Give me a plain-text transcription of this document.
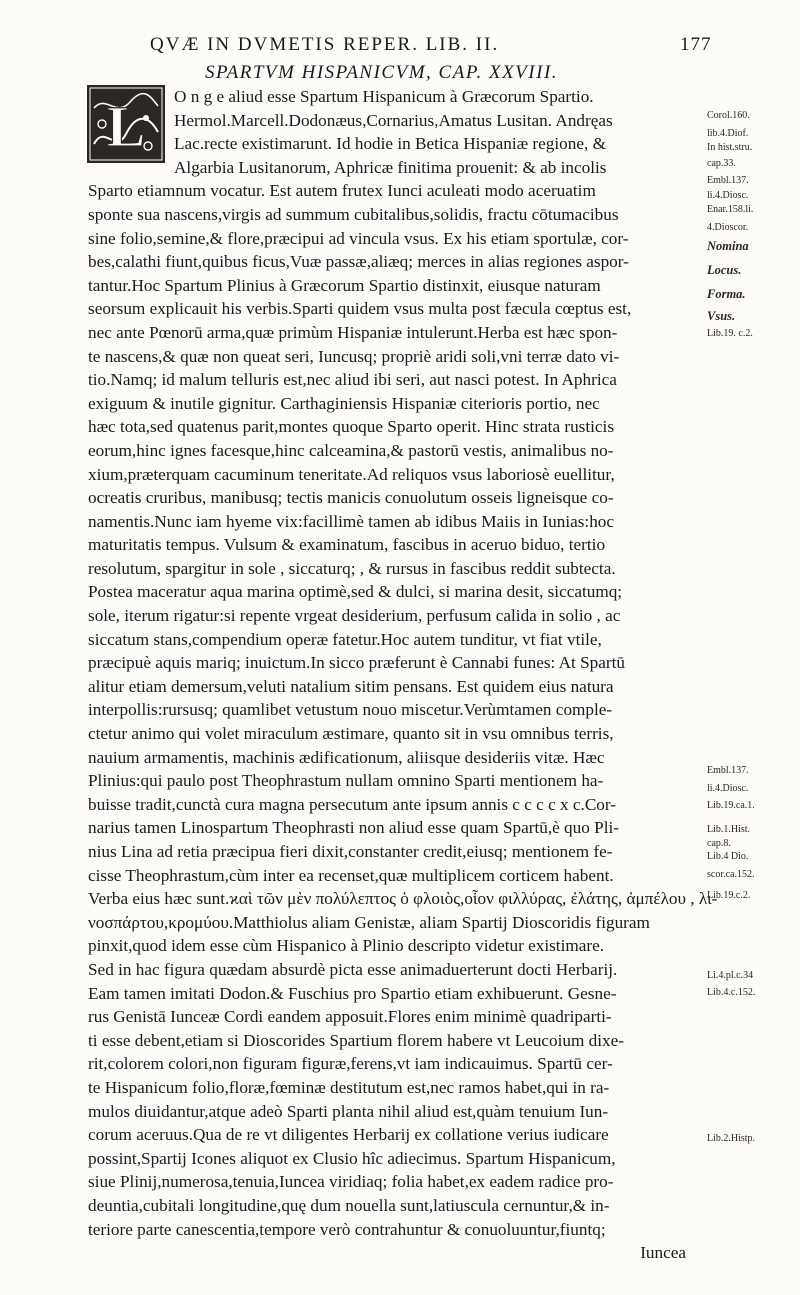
QVÆ IN DVMETIS REPER. LIB. II.	177
SPARTVM HISPANICVM, CAP. XXVIII.
L	O n g e aliud esse Spartum Hispanicum à Græcorum Spartio.
Hermol.Marcell.Dodonæus,Cornarius,Amatus Lusitan. Andręas
Lac.recte existimarunt. Id hodie in Betica Hispaniæ regione, &
Algarbia Lusitanorum, Aphricæ finitima prouenit: & ab incolis
Sparto etiamnum vocatur. Est autem frutex Iunci aculeati modo aceruatim
sponte sua nascens,virgis ad summum cubitalibus,solidis, fractu cōtumacibus
sine folio,semine,& flore,præcipui ad vincula vsus. Ex his etiam sportulæ, cor-
bes,calathi fiunt,quibus ficus,Vuæ passæ,aliæq; merces in alias regiones aspor-
tantur.Hoc Spartum Plinius à Græcorum Spartio distinxit, eiusque naturam
seorsum explicauit his verbis.Sparti quidem vsus multa post fæcula cœptus est,
nec ante Pœnorū arma,quæ primùm Hispaniæ intulerunt.Herba est hæc spon-
te nascens,& quæ non queat seri, Iuncusq; propriè aridi soli,vni terræ dato vi-
tio.Namq; id malum telluris est,nec aliud ibi seri, aut nasci potest. In Aphrica
exiguum & inutile gignitur. Carthaginiensis Hispaniæ citerioris portio, nec
hæc tota,sed quatenus parit,montes quoque Sparto operit. Hinc strata rusticis
eorum,hinc ignes facesque,hinc calceamina,& pastorū vestis, animalibus no-
xium,præterquam cacuminum teneritate.Ad reliquos vsus laboriosè euellitur,
ocreatis cruribus, manibusq; tectis manicis conuolutum osseis ligneisque co-
namentis.Nunc iam hyeme vix:facillimè tamen ab idibus Maiis in Iunias:hoc
maturitatis tempus. Vulsum & examinatum, fascibus in aceruo biduo, tertio
resolutum, spargitur in sole , siccaturq; , & rursus in fascibus reddit subtecta.
Postea maceratur aqua marina optimè,sed & dulci, si marina desit, siccatumq;
sole, iterum rigatur:si repente vrgeat desiderium, perfusum calida in solio , ac
siccatum stans,compendium operæ fatetur.Hoc autem tunditur, vt fiat vtile,
præcipuè aquis mariq; inuictum.In sicco præferunt è Cannabi funes: At Spartū
alitur etiam demersum,veluti natalium sitim pensans. Est quidem eius natura
interpollis:rursusq; quamlibet vetustum nouo miscetur.Verùmtamen comple-
ctetur animo qui volet miraculum æstimare, quanto sit in vsu omnibus terris,
nauium armamentis, machinis ædificationum, aliisque desideriis vitæ. Hæc
Plinius:qui paulo post Theophrastum nullam omnino Sparti mentionem ha-
buisse tradit,cunctà cura magna persecutum ante ipsum annis c c c c x c.Cor-
narius tamen Linospartum Theophrasti non aliud esse quam Spartū,è quo Pli-
nius Lina ad retia præcipua fieri dixit,constanter credit,eiusq; mentionem fe-
cisse Theophrastum,cùm inter ea recenset,quæ multiplicem corticem habent.
Verba eius hæc sunt.ϰαὶ τῶν μὲν πολύλεπτος ὁ φλοιὸς,οἷον φιλλύρας, ἐλάτης, ἀμπέλου , λι-
νοσπάρτου,κρομύου.Matthiolus aliam Genistæ, aliam Spartij Dioscoridis figuram
pinxit,quod idem esse cùm Hispanico à Plinio descripto videtur existimare.
Sed in hac figura quædam absurdè picta esse animaduerterunt docti Herbarij.
Eam tamen imitati Dodon.& Fuschius pro Spartio etiam exhibuerunt. Gesne-
rus Genistā Iunceæ Cordi eandem apposuit.Flores enim minimè quadriparti-
ti esse debent,etiam si Dioscorides Spartium florem habere vt Leucoium dixe-
rit,colorem colori,non figuram figuræ,ferens,vt iam indicauimus. Spartū cer-
te Hispanicum folio,floræ,fœminæ destitutum est,nec ramos habet,qui in ra-
mulos diuidantur,atque adeò Sparti planta nihil aliud est,quàm tenuium Iun-
corum aceruus.Qua de re vt diligentes Herbarij ex collatione verius iudicare
possint,Spartij Icones aliquot ex Clusio hîc adiecimus. Spartum Hispanicum,
siue Plinij,numerosa,tenuia,Iuncea viridiaq; folia habet,ex eadem radice pro-
deuntia,cubitali longitudine,quę dum nouella sunt,latiuscula cernuntur,& in-
teriore parte canescentia,tempore verò contrahuntur & conuoluuntur,fiuntq;
Iuncea
Corol.160.
lib.4.Diof.
In hist.stru.
cap.33.
Embl.137.
li.4.Diosc.
Enar.158.li.
4.Dioscor.
Nomina
Locus.
Forma.
Vsus.
Lib.19. c.2.
Embl.137.
li.4.Diosc.
Lib.19.ca.1.
Lib.1.Hist.
cap.8.
Lib.4 Dio.
scor.ca.152.
Lib.19.c.2.
Li.4.pl.c.34
Lib.4.c.152.
Lib.2.Histp.
